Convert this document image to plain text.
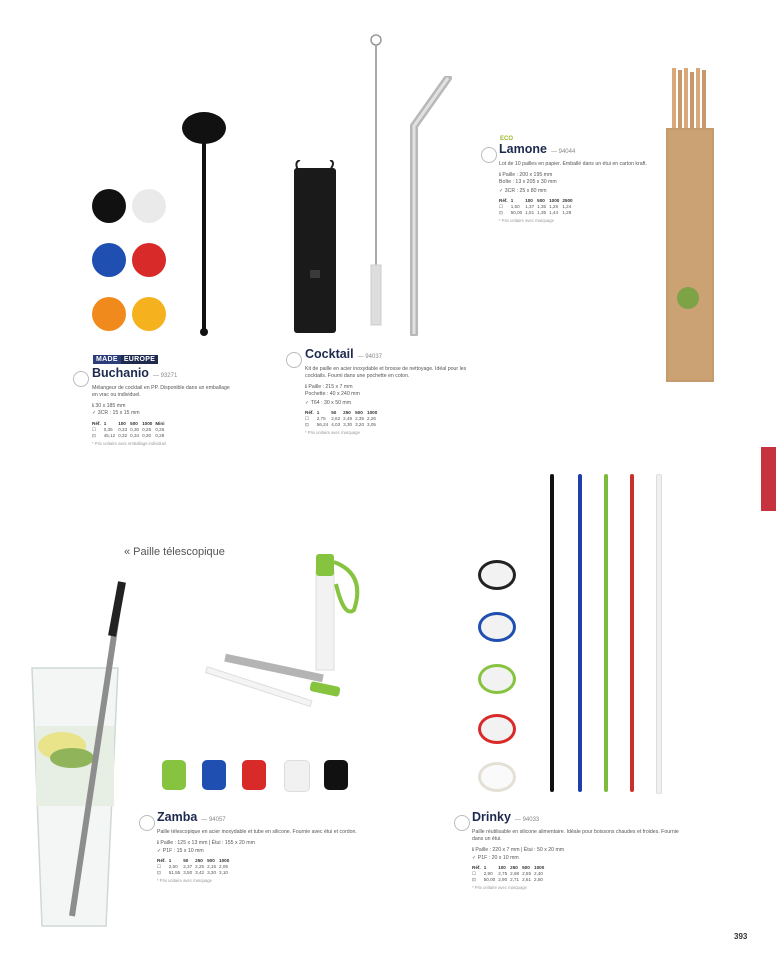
MADE EUROPE
Buchanio — 93271
Mélangeur de cocktail en PP. Disponible dans un emballage en vrac ou individuel.
ℹ 30 x 185 mm
✓ 3CR : 15 x 15 mm
Réf.	1	100	500	1000	Mini
☐	0,35	0,33	0,30	0,28	0,26
⊡	45,12	0,32	0,34	0,30	0,28
* Prix unitaire avec emballage individuel
Cocktail — 94037
Kit de paille en acier inoxydable et brosse de nettoyage. Idéal pour les cocktails. Fourni dans une pochette en coton.
ℹ Paille : 215 x 7 mm
Pochette : 40 x 240 mm
✓ T64 : 30 x 50 mm
Réf.	1	50	250	500	1000
☐	2,75	2,62	2,48	2,35	2,26
⊡	56,24	4,03	3,30	3,20	3,05
* Prix unitaire avec marquage
ECO
Lamone — 94044
Lot de 10 pailles en papier. Emballé dans un étui en carton kraft.
ℹ Paille : 200 x 195 mm
Boîte : 13 x 205 x 30 mm
✓ 3CR : 25 x 80 mm
Réf.	1	100	500	1000	2500
☐	1,50	1,37	1,35	1,28	1,24
⊡	50,00	1,51	1,35	1,44	1,28
* Prix unitaire avec marquage
« Paille télescopique
Zamba — 94057
Paille télescopique en acier inoxydable et tube en silicone. Fournie avec étui et cordon.
ℹ Paille : 125 x 13 mm | Étui : 155 x 20 mm
✓ P1F : 15 x 10 mm
Réf.	1	50	250	500	1000
☐	2,50	2,37	2,25	2,15	2,05
⊡	51,55	3,50	3,42	3,30	3,10
* Prix unitaire avec marquage
Drinky — 94033
Paille réutilisable en silicone alimentaire. Idéale pour boissons chaudes et froides. Fournie dans un étui.
ℹ Paille : 220 x 7 mm | Étui : 50 x 20 mm
✓ P1F : 20 x 10 mm
Réf.	1	100	250	500	1000
☐	2,90	2,75	2,68	2,55	2,40
⊡	50,00	2,90	2,71	2,61	2,50
* Prix unitaire avec marquage
393
